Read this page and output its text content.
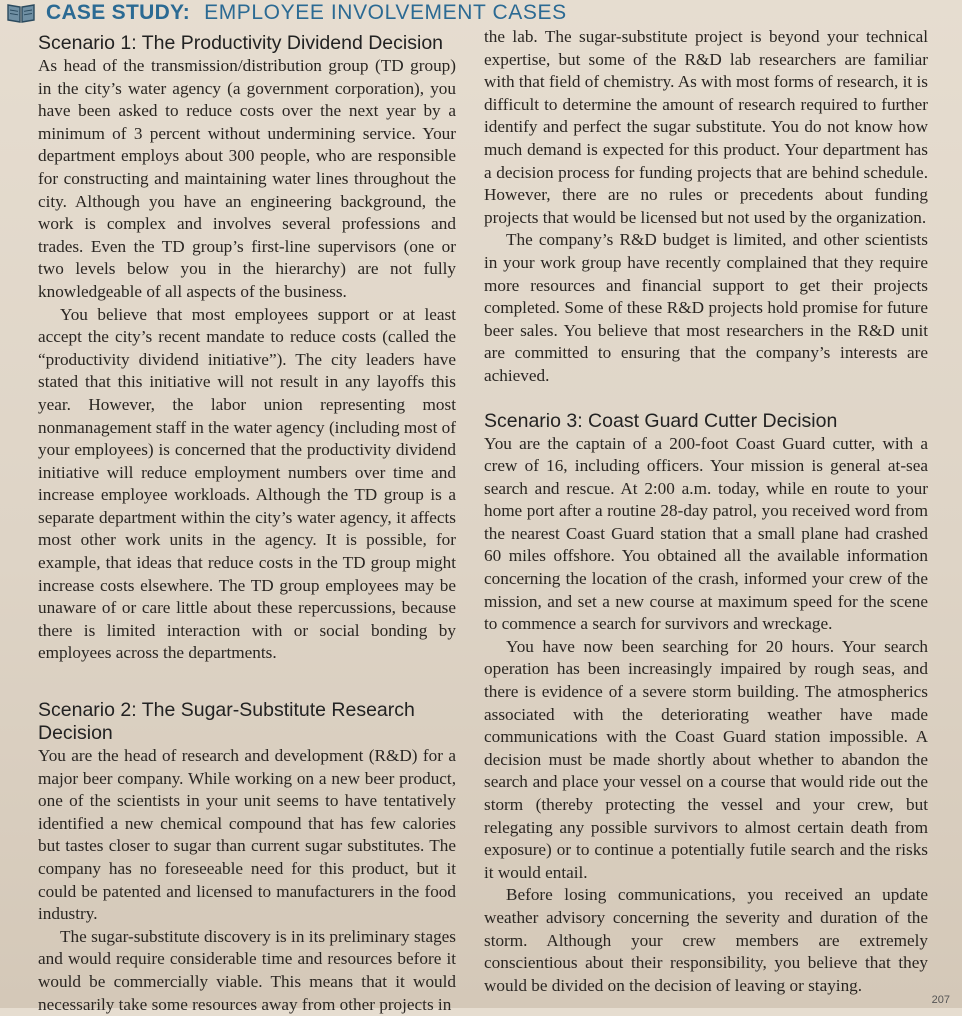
CASE STUDY: EMPLOYEE INVOLVEMENT CASES
Scenario 1: The Productivity Dividend Decision

As head of the transmission/distribution group (TD group) in the city’s water agency (a government corporation), you have been asked to reduce costs over the next year by a minimum of 3 percent without undermining service. Your department employs about 300 people, who are responsible for constructing and maintaining water lines throughout the city. Although you have an engineering background, the work is complex and involves several professions and trades. Even the TD group’s first-line supervisors (one or two levels below you in the hierarchy) are not fully knowledgeable of all aspects of the business.

You believe that most employees support or at least accept the city’s recent mandate to reduce costs (called the “productivity dividend initiative”). The city leaders have stated that this initiative will not result in any layoffs this year. However, the labor union representing most nonmanagement staff in the water agency (including most of your employees) is concerned that the productivity dividend initiative will reduce employment numbers over time and increase employee workloads. Although the TD group is a separate department within the city’s water agency, it affects most other work units in the agency. It is possible, for example, that ideas that reduce costs in the TD group might increase costs elsewhere. The TD group employees may be unaware of or care little about these repercussions, because there is limited interaction with or social bonding by employees across the departments.

Scenario 2: The Sugar-Substitute Research Decision

You are the head of research and development (R&D) for a major beer company. While working on a new beer product, one of the scientists in your unit seems to have tentatively identified a new chemical compound that has few calories but tastes closer to sugar than current sugar substitutes. The company has no foreseeable need for this product, but it could be patented and licensed to manufacturers in the food industry.

The sugar-substitute discovery is in its preliminary stages and would require considerable time and resources before it would be commercially viable. This means that it would necessarily take some resources away from other projects in

the lab. The sugar-substitute project is beyond your technical expertise, but some of the R&D lab researchers are familiar with that field of chemistry. As with most forms of research, it is difficult to determine the amount of research required to further identify and perfect the sugar substitute. You do not know how much demand is expected for this product. Your department has a decision process for funding projects that are behind schedule. However, there are no rules or precedents about funding projects that would be licensed but not used by the organization.

The company’s R&D budget is limited, and other scientists in your work group have recently complained that they require more resources and financial support to get their projects completed. Some of these R&D projects hold promise for future beer sales. You believe that most researchers in the R&D unit are committed to ensuring that the company’s interests are achieved.

Scenario 3: Coast Guard Cutter Decision

You are the captain of a 200-foot Coast Guard cutter, with a crew of 16, including officers. Your mission is general at-sea search and rescue. At 2:00 a.m. today, while en route to your home port after a routine 28-day patrol, you received word from the nearest Coast Guard station that a small plane had crashed 60 miles offshore. You obtained all the available information concerning the location of the crash, informed your crew of the mission, and set a new course at maximum speed for the scene to commence a search for survivors and wreckage.

You have now been searching for 20 hours. Your search operation has been increasingly impaired by rough seas, and there is evidence of a severe storm building. The atmospherics associated with the deteriorating weather have made communications with the Coast Guard station impossible. A decision must be made shortly about whether to abandon the search and place your vessel on a course that would ride out the storm (thereby protecting the vessel and your crew, but relegating any possible survivors to almost certain death from exposure) or to continue a potentially futile search and the risks it would entail.

Before losing communications, you received an update weather advisory concerning the severity and duration of the storm. Although your crew members are extremely conscientious about their responsibility, you believe that they would be divided on the decision of leaving or staying.

207
